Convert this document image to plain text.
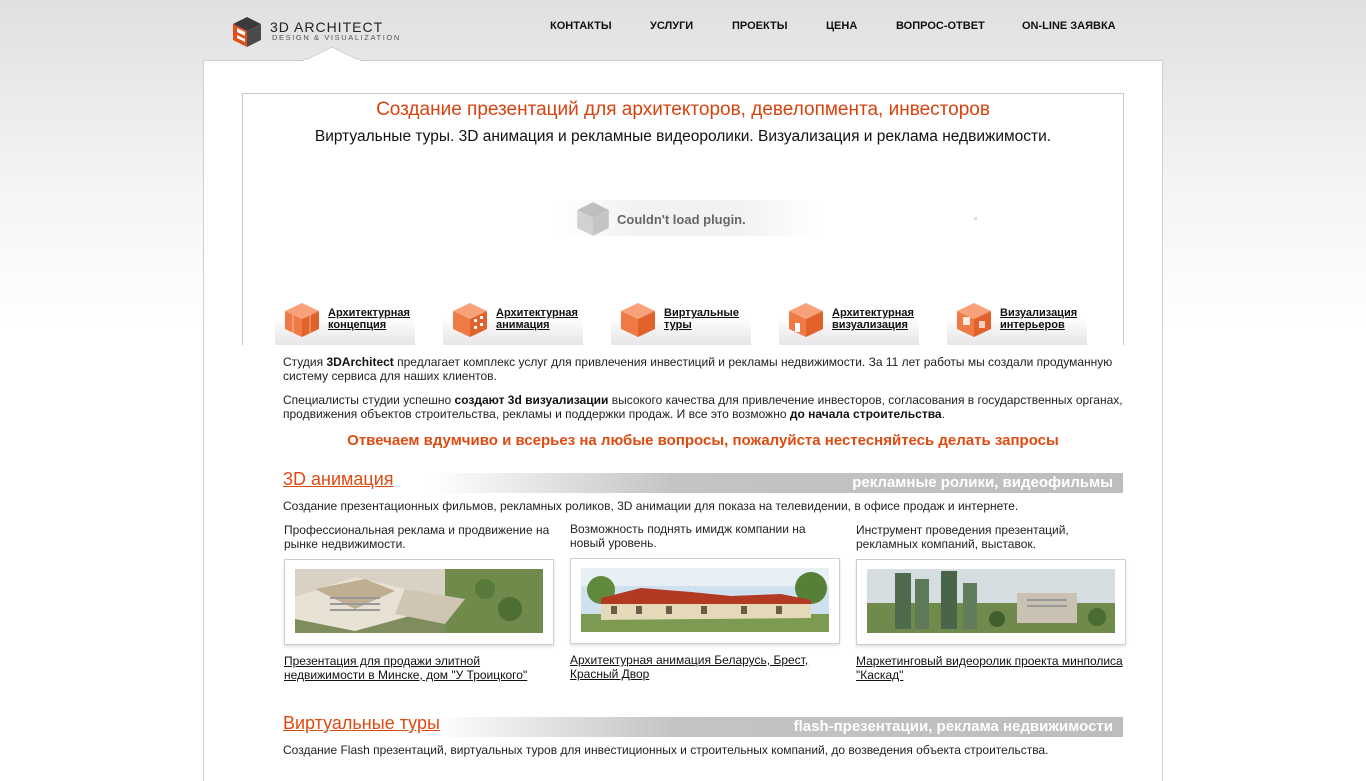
3D ARCHITECT
DESIGN & VISUALIZATION
КОНТАКТЫ	УСЛУГИ	ПРОЕКТЫ	ЦЕНА	ВОПРОС-ОТВЕТ	ON-LINE ЗАЯВКА
Создание презентаций для архитекторов, девелопмента, инвесторов
Виртуальные туры. 3D анимация и рекламные видеоролики. Визуализация и реклама недвижимости.
Couldn't load plugin.
Архитектурная
концепция
Архитектурная
анимация
Виртуальные
туры
Архитектурная
визуализация
Визуализация
интерьеров
Студия 3DArchitect предлагает комплекс услуг для привлечения инвестиций и рекламы недвижимости. За 11 лет работы мы создали продуманную систему сервиса для наших клиентов.
Специалисты студии успешно создают 3d визуализации высокого качества для привлечение инвесторов, согласования в государственных органах, продвижения объектов строительства, рекламы и поддержки продаж. И все это возможно до начала строительства.
Отвечаем вдумчиво и всерьез на любые вопросы, пожалуйста нестесняйтесь делать запросы
3D анимация	рекламные ролики, видеофильмы
Создание презентационных фильмов, рекламных роликов, 3D анимации для показа на телевидении, в офисе продаж и интернете.
Профессиональная реклама и продвижение на рынке недвижимости.
Презентация для продажи элитной недвижимости в Минске, дом "У Троицкого"
Возможность поднять имидж компании на новый уровень.
Архитектурная анимация Беларусь, Брест, Красный Двор
Инструмент проведения презентаций, рекламных компаний, выставок.
Маркетинговый видеоролик проекта минполиса "Каскад"
Виртуальные туры	flash-презентации, реклама недвижимости
Создание Flash презентаций, виртуальных туров для инвестиционных и строительных компаний, до возведения объекта строительства.
